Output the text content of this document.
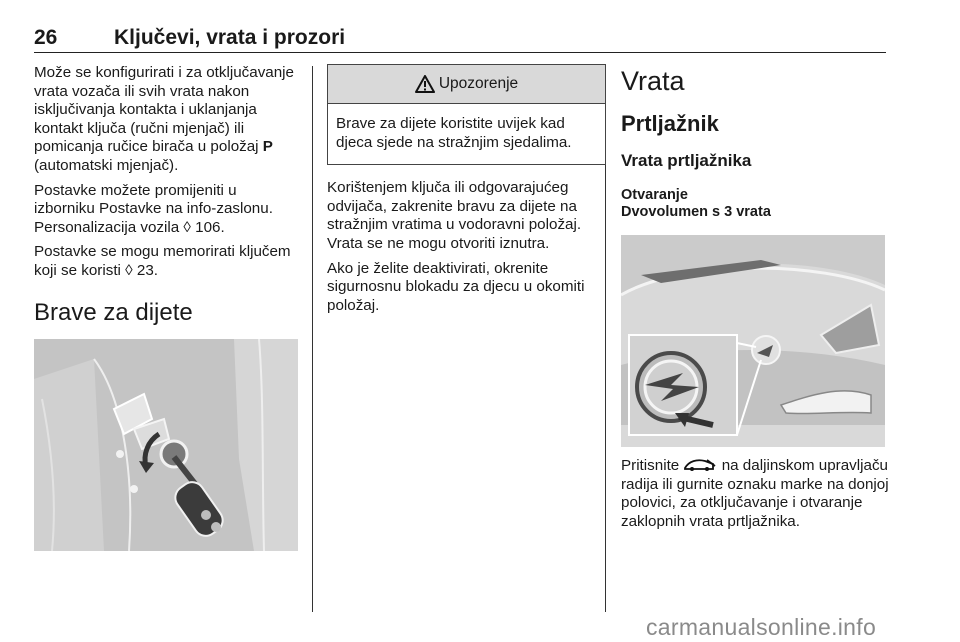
26	Ključevi, vrata i prozori

Može se konfigurirati i za otključavanje vrata vozača ili svih vrata nakon isključivanja kontakta i uklanjanja kontakt ključa (ručni mjenjač) ili pomicanja ručice birača u položaj P (automatski mjenjač).

Postavke možete promijeniti u izborniku Postavke na info-zaslonu. Personalizacija vozila ◊ 106.

Postavke se mogu memorirati ključem koji se koristi ◊ 23.

Brave za dijete
Upozorenje
Brave za dijete koristite uvijek kad djeca sjede na stražnjim sjedalima.

Korištenjem ključa ili odgovarajućeg odvijača, zakrenite bravu za dijete na stražnjim vratima u vodoravni položaj. Vrata se ne mogu otvoriti iznutra.

Ako je želite deaktivirati, okrenite sigurnosnu blokadu za djecu u okomiti položaj.

Vrata
Prtljažnik
Vrata prtljažnika
Otvaranje
Dvovolumen s 3 vrata

Pritisnite  na daljinskom upravljaču radija ili gurnite oznaku marke na donjoj polovici, za otključavanje i otvaranje zaklopnih vrata prtljažnika.

carmanualsonline.info
